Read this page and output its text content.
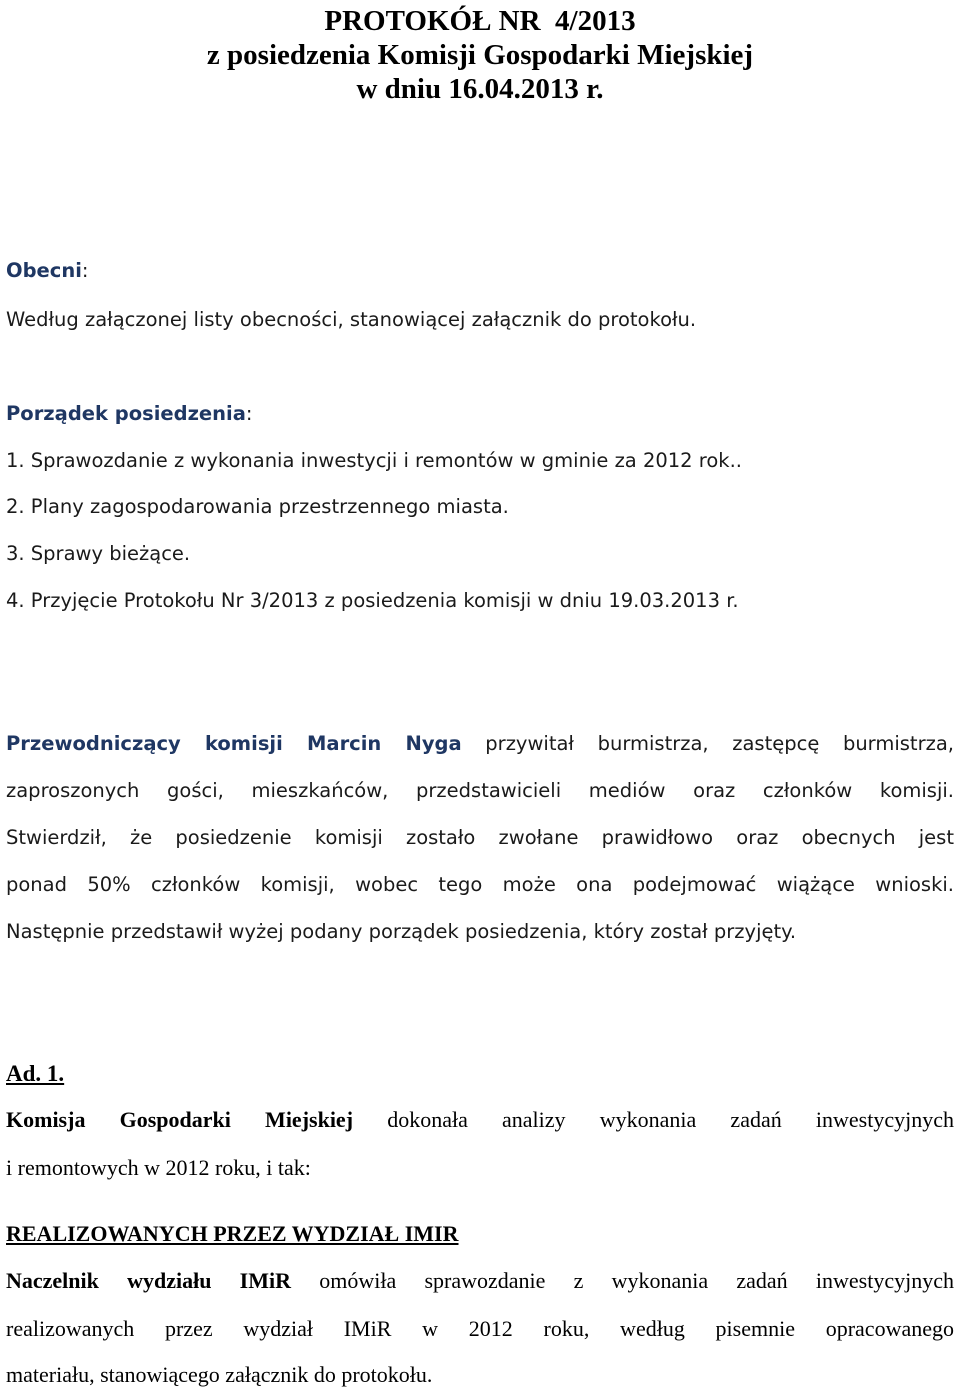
PROTOKÓŁ NR  4/2013
z posiedzenia Komisji Gospodarki Miejskiej
w dniu 16.04.2013 r.
Obecni:
Według załączonej listy obecności, stanowiącej załącznik do protokołu.
Porządek posiedzenia:
1. Sprawozdanie z wykonania inwestycji i remontów w gminie za 2012 rok..
2. Plany zagospodarowania przestrzennego miasta.
3. Sprawy bieżące.
4. Przyjęcie Protokołu Nr 3/2013 z posiedzenia komisji w dniu 19.03.2013 r.
Przewodniczący komisji Marcin Nyga przywitał burmistrza, zastępcę burmistrza,
zaproszonych gości, mieszkańców, przedstawicieli mediów oraz członków komisji.
Stwierdził, że posiedzenie komisji zostało zwołane prawidłowo oraz obecnych jest
ponad 50% członków komisji, wobec tego może ona podejmować wiążące wnioski.
Następnie przedstawił wyżej podany porządek posiedzenia, który został przyjęty.
Ad. 1.
Komisja Gospodarki Miejskiej dokonała analizy wykonania zadań inwestycyjnych
i remontowych w 2012 roku, i tak:
REALIZOWANYCH PRZEZ WYDZIAŁ IMIR
Naczelnik wydziału IMiR omówiła sprawozdanie z wykonania zadań inwestycyjnych
realizowanych przez wydział IMiR w 2012 roku, według pisemnie opracowanego
materiału, stanowiącego załącznik do protokołu.
